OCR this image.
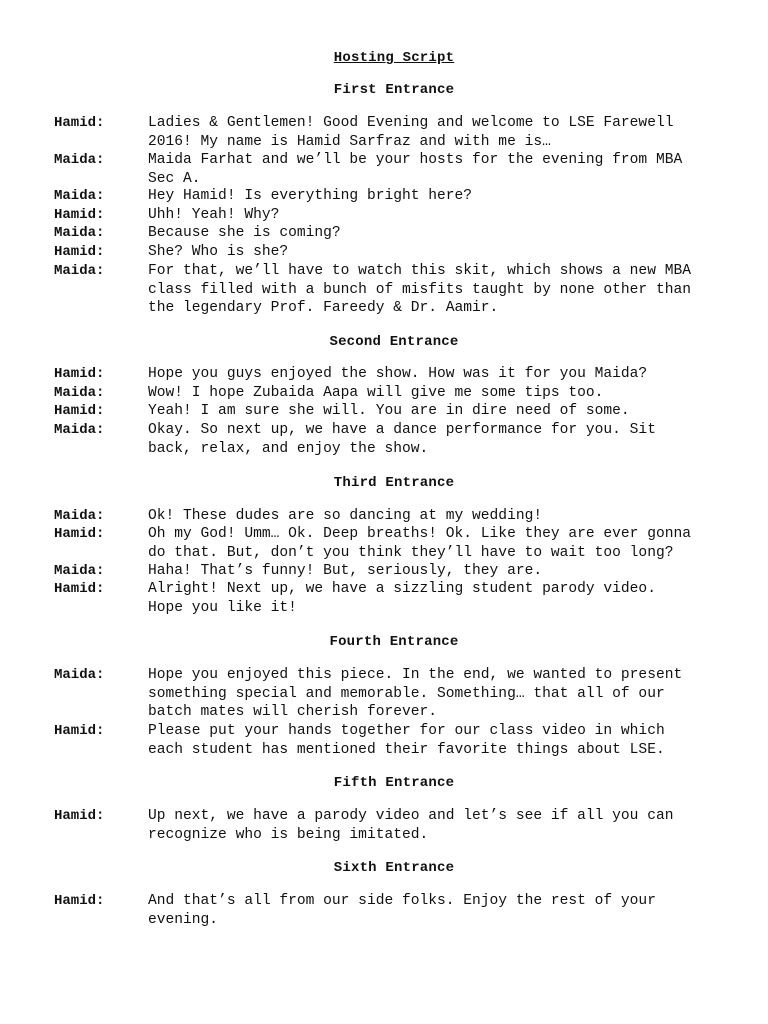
Hosting Script
First Entrance
Hamid:	Ladies & Gentlemen! Good Evening and welcome to LSE Farewell
2016! My name is Hamid Sarfraz and with me is…
Maida:	Maida Farhat and we’ll be your hosts for the evening from MBA
Sec A.
Maida:	Hey Hamid! Is everything bright here?
Hamid:	Uhh! Yeah! Why?
Maida:	Because she is coming?
Hamid:	She? Who is she?
Maida:	For that, we’ll have to watch this skit, which shows a new MBA
class filled with a bunch of misfits taught by none other than
the legendary Prof. Fareedy & Dr. Aamir.
Second Entrance
Hamid:	Hope you guys enjoyed the show. How was it for you Maida?
Maida:	Wow! I hope Zubaida Aapa will give me some tips too.
Hamid:	Yeah! I am sure she will. You are in dire need of some.
Maida:	Okay. So next up, we have a dance performance for you. Sit
back, relax, and enjoy the show.
Third Entrance
Maida:	Ok! These dudes are so dancing at my wedding!
Hamid:	Oh my God! Umm… Ok. Deep breaths! Ok. Like they are ever gonna
do that. But, don’t you think they’ll have to wait too long?
Maida:	Haha! That’s funny! But, seriously, they are.
Hamid:	Alright! Next up, we have a sizzling student parody video.
Hope you like it!
Fourth Entrance
Maida:	Hope you enjoyed this piece. In the end, we wanted to present
something special and memorable. Something… that all of our
batch mates will cherish forever.
Hamid:	Please put your hands together for our class video in which
each student has mentioned their favorite things about LSE.
Fifth Entrance
Hamid:	Up next, we have a parody video and let’s see if all you can
recognize who is being imitated.
Sixth Entrance
Hamid:	And that’s all from our side folks. Enjoy the rest of your
evening.
